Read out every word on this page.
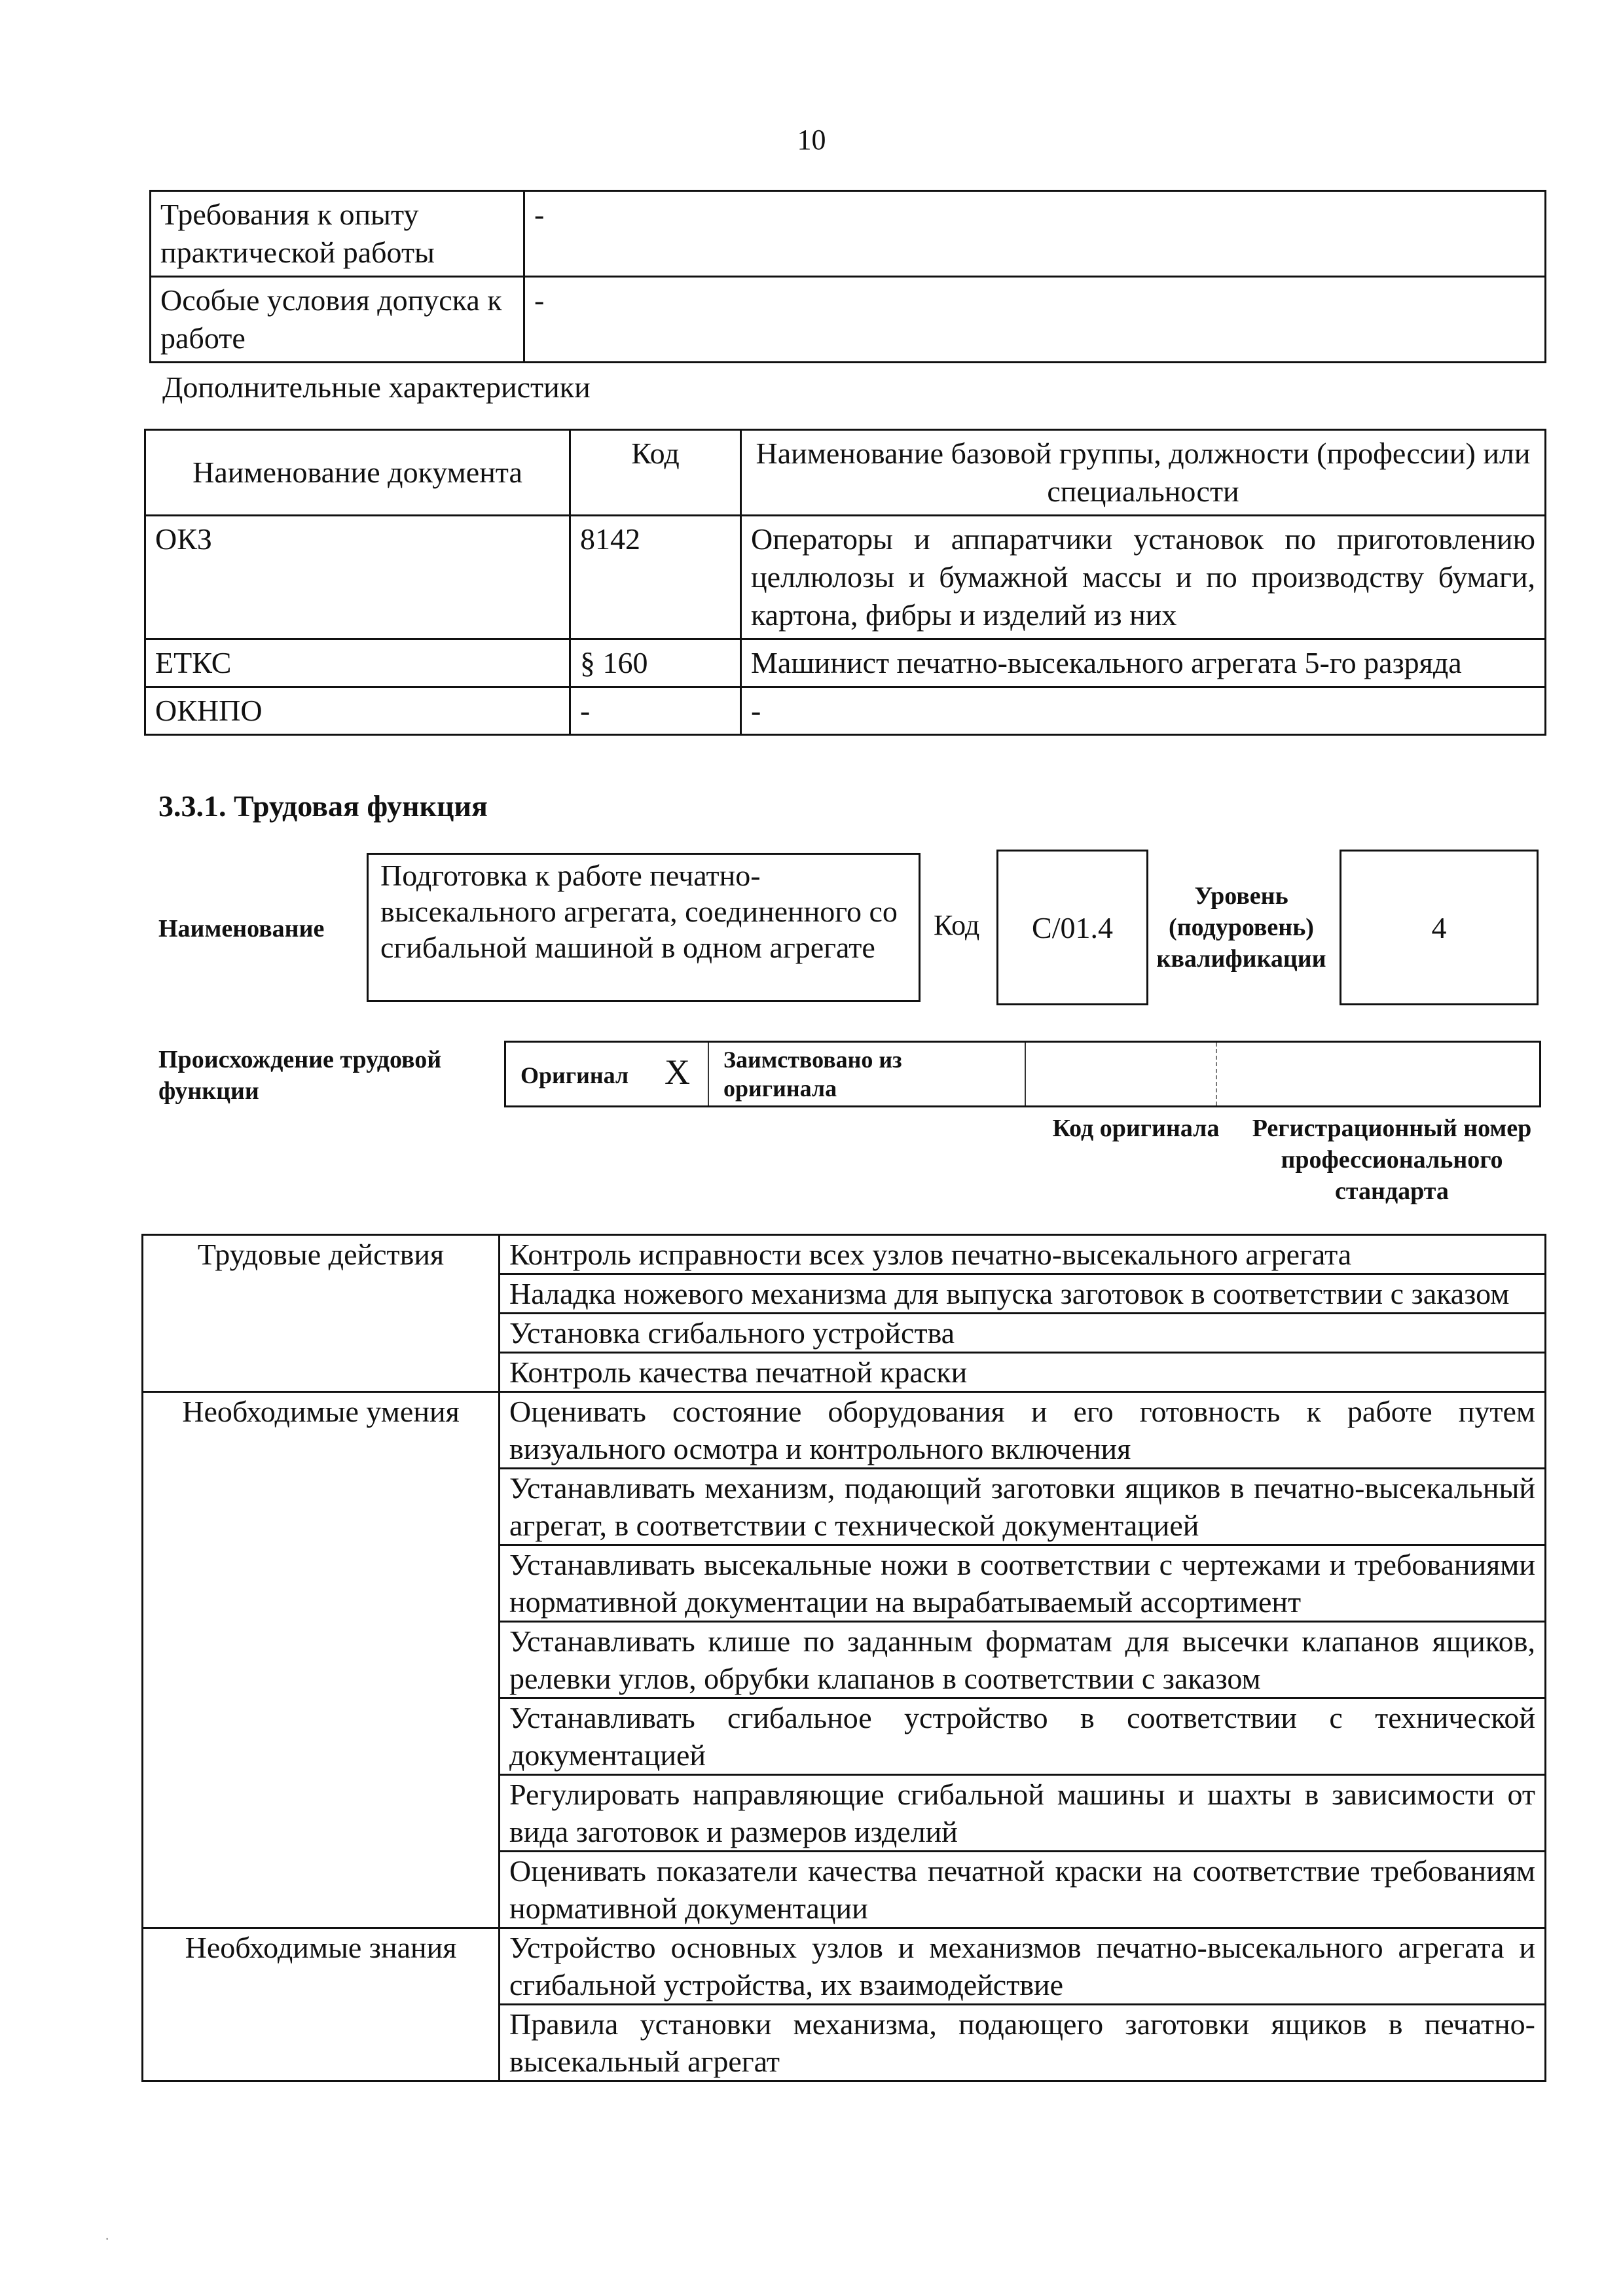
10
Требования к опыту практической работы	-
Особые условия допуска к работе	-
Дополнительные характеристики
Наименование документа	Код	Наименование базовой группы, должности (профессии) или специальности
ОКЗ	8142	Операторы и аппаратчики установок по приготовлению целлюлозы и бумажной массы и по производству бумаги, картона, фибры и изделий из них
ЕТКС	§ 160	Машинист печатно-высекального агрегата 5-го разряда
ОКНПО	-	-
3.3.1. Трудовая функция
Наименование
Подготовка к работе печатно-высекального агрегата, соединенного со сгибальной машиной в одном агрегате
Код	C/01.4
Уровень (подуровень) квалификации
4
Происхождение трудовой функции
Оригинал X Заимствовано из оригинала
Код оригинала	Регистрационный номер профессионального стандарта
Трудовые действия	Контроль исправности всех узлов печатно-высекального агрегата
	Наладка ножевого механизма для выпуска заготовок в соответствии с заказом
	Установка сгибального устройства
	Контроль качества печатной краски
Необходимые умения	Оценивать состояние оборудования и его готовность к работе путем визуального осмотра и контрольного включения
	Устанавливать механизм, подающий заготовки ящиков в печатно-высекальный агрегат, в соответствии с технической документацией
	Устанавливать высекальные ножи в соответствии с чертежами и требованиями нормативной документации на вырабатываемый ассортимент
	Устанавливать клише по заданным форматам для высечки клапанов ящиков, релевки углов, обрубки клапанов в соответствии с заказом
	Устанавливать сгибальное устройство в соответствии с технической документацией
	Регулировать направляющие сгибальной машины и шахты в зависимости от вида заготовок и размеров изделий
	Оценивать показатели качества печатной краски на соответствие требованиям нормативной документации
Необходимые знания	Устройство основных узлов и механизмов печатно-высекального агрегата и сгибальной устройства, их взаимодействие
	Правила установки механизма, подающего заготовки ящиков в печатно-высекальный агрегат
·
